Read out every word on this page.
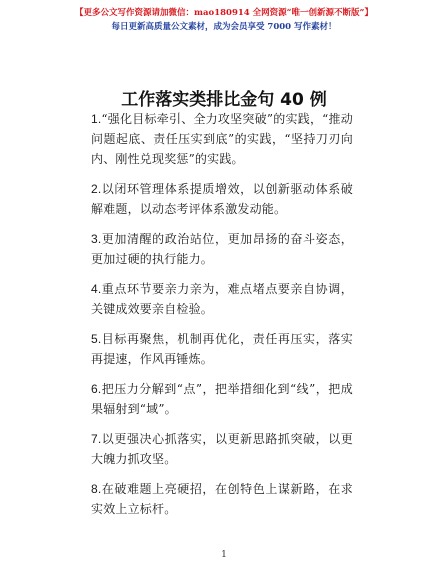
【更多公文写作资源请加微信：mao180914 全网资源“唯一创新源不断版”】
每日更新高质量公文素材，成为会员享受 7000 写作素材！
工作落实类排比金句 40 例

1.“强化目标牵引、全力攻坚突破”的实践，“推动问题起底、责任压实到底”的实践，“坚持刀刃向内、刚性兑现奖惩”的实践。

2.以闭环管理体系提质增效，以创新驱动体系破解难题，以动态考评体系激发动能。

3.更加清醒的政治站位，更加昂扬的奋斗姿态，更加过硬的执行能力。

4.重点环节要亲力亲为，难点堵点要亲自协调，关键成效要亲自检验。

5.目标再聚焦，机制再优化，责任再压实，落实再提速，作风再锤炼。

6.把压力分解到“点”，把举措细化到“线”，把成果辐射到“域”。

7.以更强决心抓落实，以更新思路抓突破，以更大魄力抓攻坚。

8.在破难题上亮硬招，在创特色上谋新路，在求实效上立标杆。

1
